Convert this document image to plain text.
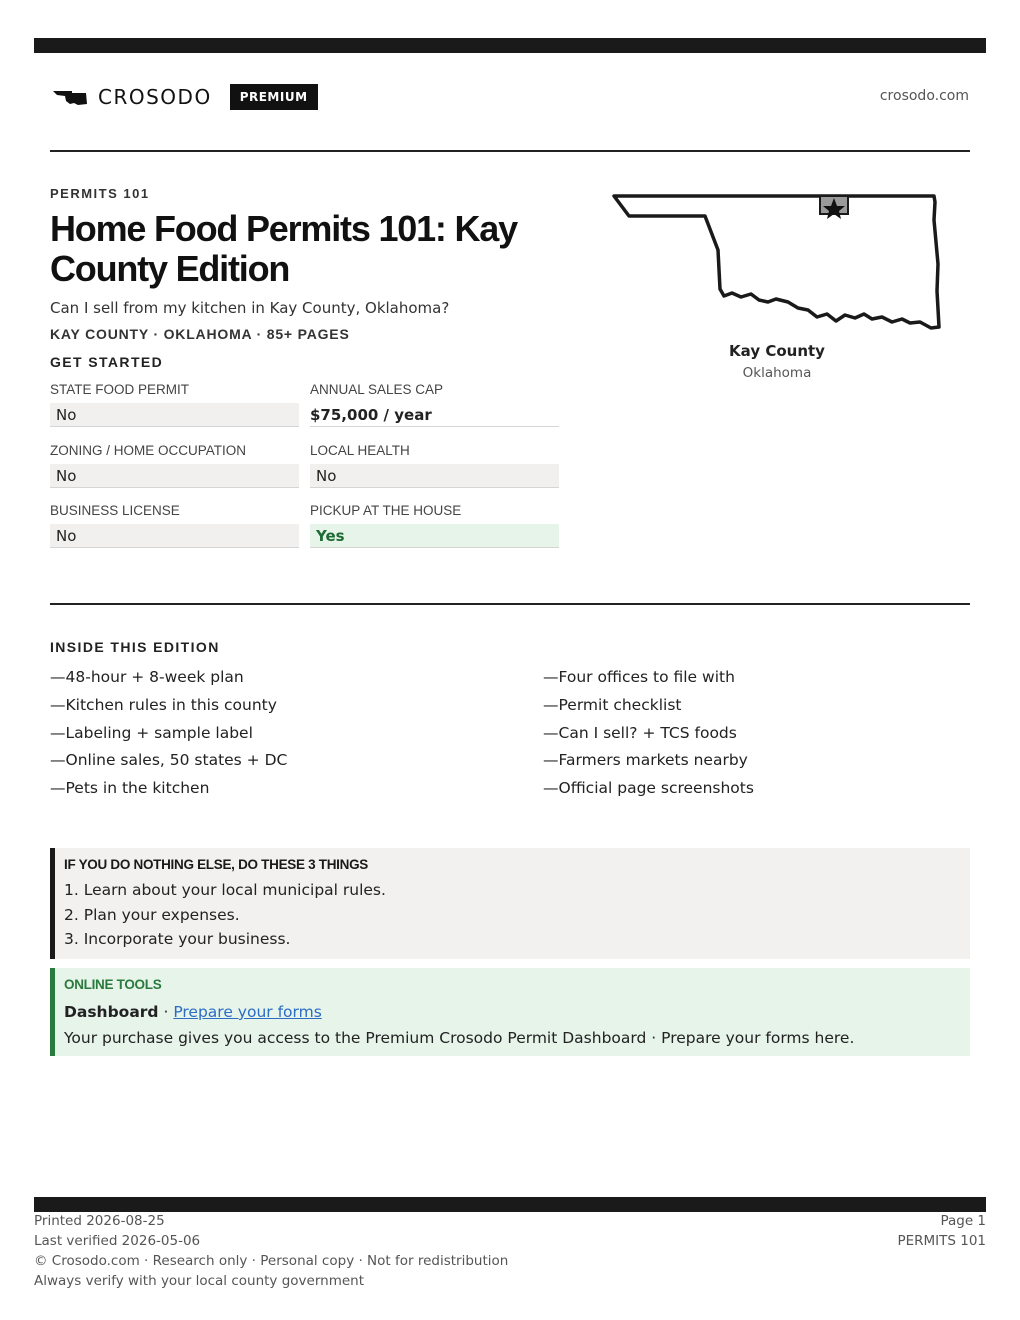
CROSODO	PREMIUM	crosodo.com
PERMITS 101
Home Food Permits 101: Kay County Edition
Can I sell from my kitchen in Kay County, Oklahoma?
KAY COUNTY · OKLAHOMA · 85+ PAGES
GET STARTED
STATE FOOD PERMIT
No
ANNUAL SALES CAP
$75,000 / year
ZONING / HOME OCCUPATION
No
LOCAL HEALTH
No
BUSINESS LICENSE
No
PICKUP AT THE HOUSE
Yes
Kay County
Oklahoma
INSIDE THIS EDITION
—48-hour + 8-week plan
—Kitchen rules in this county
—Labeling + sample label
—Online sales, 50 states + DC
—Pets in the kitchen
—Four offices to file with
—Permit checklist
—Can I sell? + TCS foods
—Farmers markets nearby
—Official page screenshots
IF YOU DO NOTHING ELSE, DO THESE 3 THINGS
1. Learn about your local municipal rules.
2. Plan your expenses.
3. Incorporate your business.
ONLINE TOOLS
Dashboard · Prepare your forms
Your purchase gives you access to the Premium Crosodo Permit Dashboard · Prepare your forms here.
Printed 2026-08-25
Last verified 2026-05-06
© Crosodo.com · Research only · Personal copy · Not for redistribution
Always verify with your local county government
Page 1
PERMITS 101
